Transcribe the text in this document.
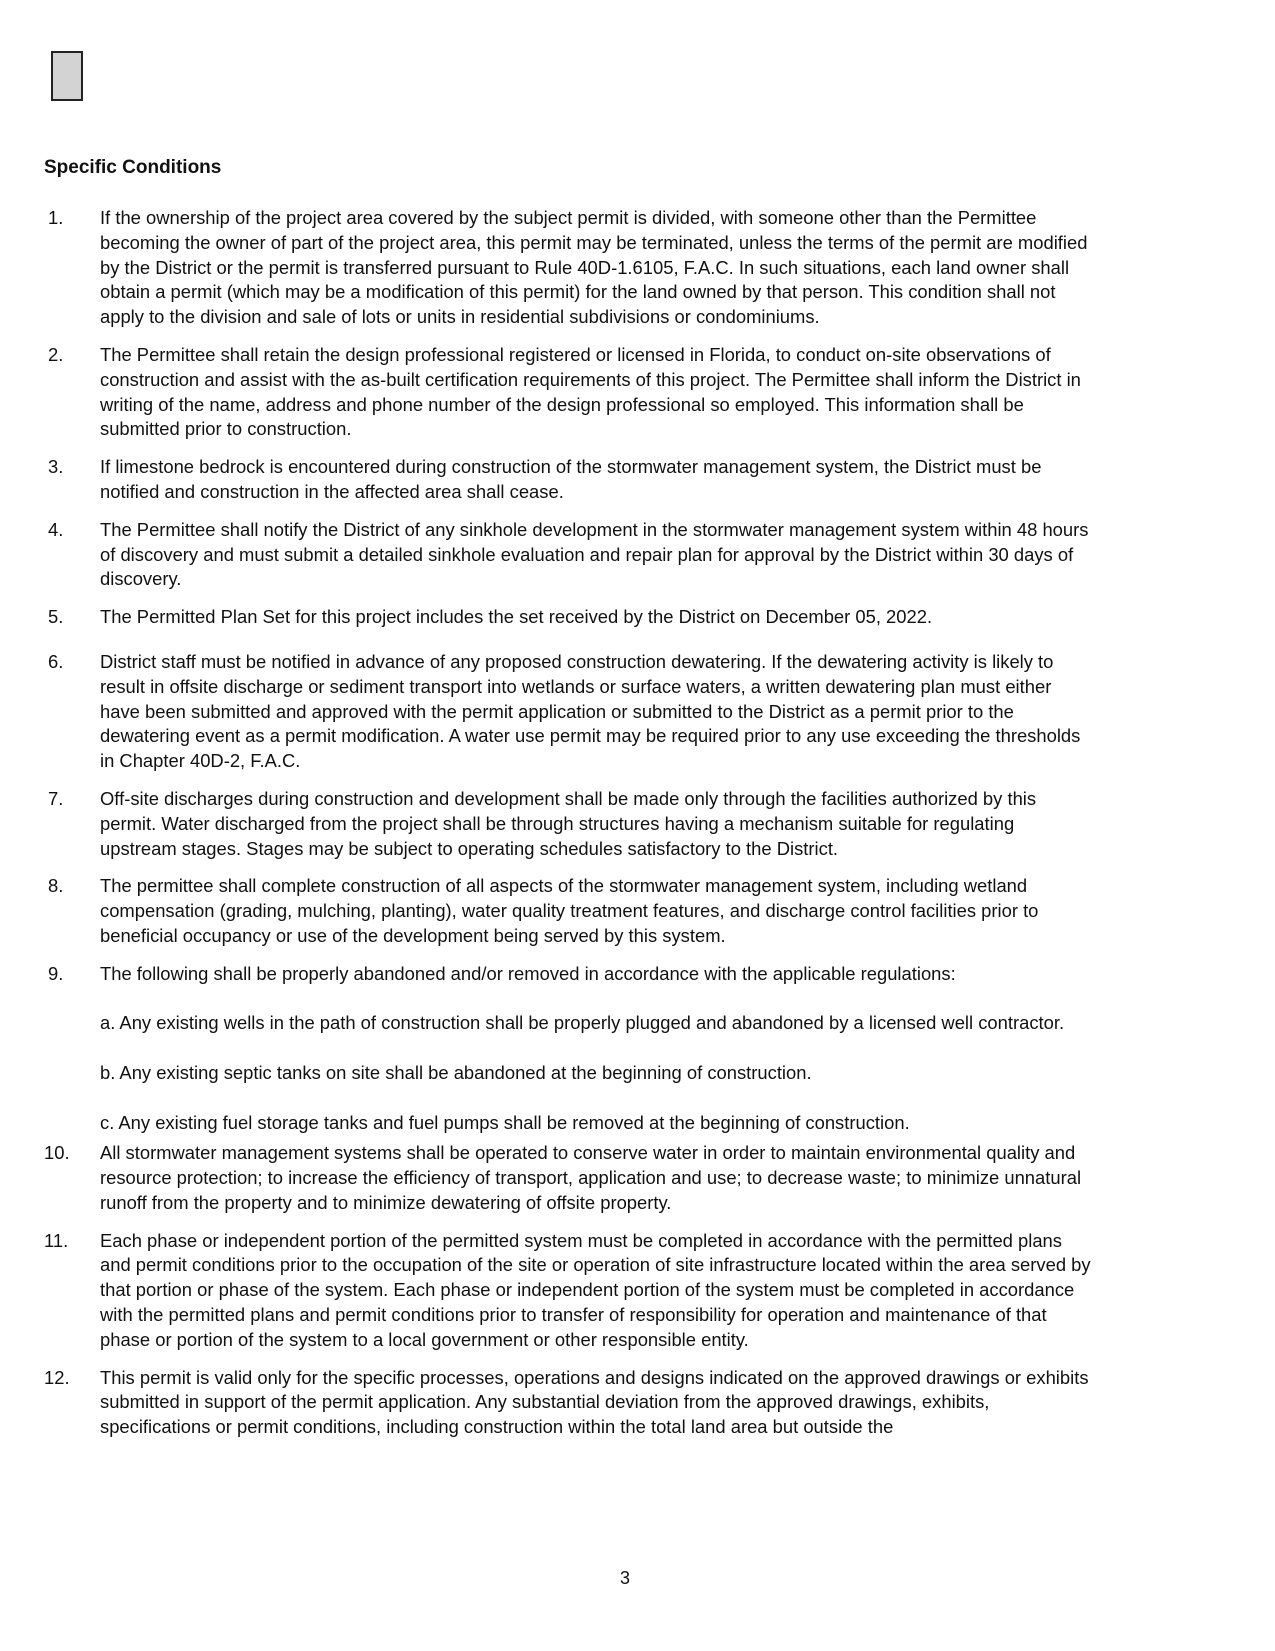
Specific Conditions
1.	If the ownership of the project area covered by the subject permit is divided, with someone other than the Permittee becoming the owner of part of the project area, this permit may be terminated, unless the terms of the permit are modified by the District or the permit is transferred pursuant to Rule 40D-1.6105, F.A.C. In such situations, each land owner shall obtain a permit (which may be a modification of this permit) for the land owned by that person. This condition shall not apply to the division and sale of lots or units in residential subdivisions or condominiums.
2.	The Permittee shall retain the design professional registered or licensed in Florida, to conduct on-site observations of construction and assist with the as-built certification requirements of this project. The Permittee shall inform the District in writing of the name, address and phone number of the design professional so employed. This information shall be submitted prior to construction.
3.	If limestone bedrock is encountered during construction of the stormwater management system, the District must be notified and construction in the affected area shall cease.
4.	The Permittee shall notify the District of any sinkhole development in the stormwater management system within 48 hours of discovery and must submit a detailed sinkhole evaluation and repair plan for approval by the District within 30 days of discovery.
5.	The Permitted Plan Set for this project includes the set received by the District on December 05, 2022.
6.	District staff must be notified in advance of any proposed construction dewatering. If the dewatering activity is likely to result in offsite discharge or sediment transport into wetlands or surface waters, a written dewatering plan must either have been submitted and approved with the permit application or submitted to the District as a permit prior to the dewatering event as a permit modification. A water use permit may be required prior to any use exceeding the thresholds in Chapter 40D-2, F.A.C.
7.	Off-site discharges during construction and development shall be made only through the facilities authorized by this permit. Water discharged from the project shall be through structures having a mechanism suitable for regulating upstream stages. Stages may be subject to operating schedules satisfactory to the District.
8.	The permittee shall complete construction of all aspects of the stormwater management system, including wetland compensation (grading, mulching, planting), water quality treatment features, and discharge control facilities prior to beneficial occupancy or use of the development being served by this system.
9.	The following shall be properly abandoned and/or removed in accordance with the applicable regulations:
a. Any existing wells in the path of construction shall be properly plugged and abandoned by a licensed well contractor.
b. Any existing septic tanks on site shall be abandoned at the beginning of construction.
c. Any existing fuel storage tanks and fuel pumps shall be removed at the beginning of construction.
10.	All stormwater management systems shall be operated to conserve water in order to maintain environmental quality and resource protection; to increase the efficiency of transport, application and use; to decrease waste; to minimize unnatural runoff from the property and to minimize dewatering of offsite property.
11.	Each phase or independent portion of the permitted system must be completed in accordance with the permitted plans and permit conditions prior to the occupation of the site or operation of site infrastructure located within the area served by that portion or phase of the system. Each phase or independent portion of the system must be completed in accordance with the permitted plans and permit conditions prior to transfer of responsibility for operation and maintenance of that phase or portion of the system to a local government or other responsible entity.
12.	This permit is valid only for the specific processes, operations and designs indicated on the approved drawings or exhibits submitted in support of the permit application. Any substantial deviation from the approved drawings, exhibits, specifications or permit conditions, including construction within the total land area but outside the
3
